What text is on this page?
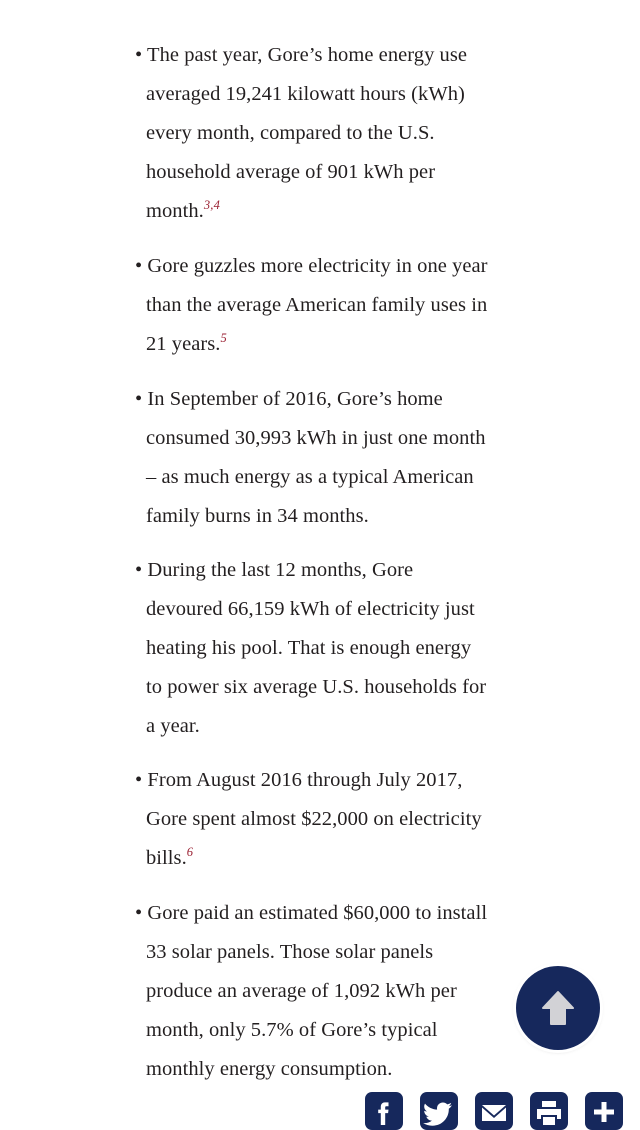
• The past year, Gore’s home energy use averaged 19,241 kilowatt hours (kWh) every month, compared to the U.S. household average of 901 kWh per month.$^{3,4}$

• Gore guzzles more electricity in one year than the average American family uses in 21 years.$^5$

• In September of 2016, Gore’s home consumed 30,993 kWh in just one month – as much energy as a typical American family burns in 34 months.

• During the last 12 months, Gore devoured 66,159 kWh of electricity just heating his pool. That is enough energy to power six average U.S. households for a year.

• From August 2016 through July 2017, Gore spent almost $22,000 on electricity bills.$^6$

• Gore paid an estimated $60,000 to install 33 solar panels. Those solar panels produce an average of 1,092 kWh per month, only 5.7% of Gore’s typical monthly energy consumption.
